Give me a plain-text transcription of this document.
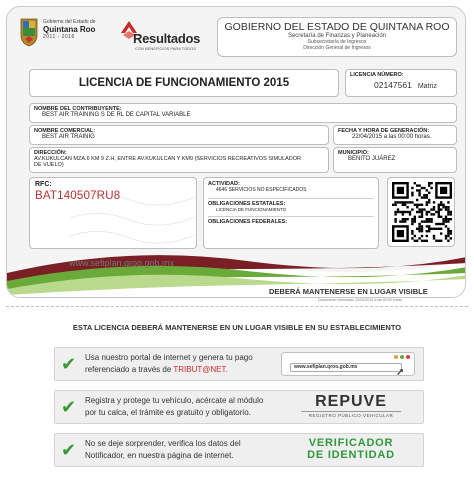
Gobierno del Estado de
Quintana Roo
2011 - 2016	Resultados
CON BENEFICIOS PARA TODOS
GOBIERNO DEL ESTADO DE QUINTANA ROO
Secretaría de Finanzas y Planeación
Subsecretaría de Ingresos
Dirección General de Ingresos
LICENCIA DE FUNCIONAMIENTO 2015
LICENCIA NÚMERO:
02147561 Matriz
NOMBRE DEL CONTRIBUYENTE:
BEST AIR TRAINING S DE RL DE CAPITAL VARIABLE
NOMBRE COMERCIAL:
BEST AIR TRAINIG
FECHA Y HORA DE GENERACIÓN:
22/04/2015 a las 00:00 horas.
DIRECCIÓN:
AV.KUKULCAN MZA.6 KM 9 Z.H, ENTRE AV.KUKULCAN Y KM9 (SERVICIOS RECREATIVOS SIMULADOR
DE VUELO)
MUNICIPIO:
BENITO JUÁREZ
RFC:
BAT140507RU8
ACTIVIDAD:
4646 SERVICIOS NO ESPECIFICADOS
OBLIGACIONES ESTATALES:
LICENCIA DE FUNCIONAMIENTO
OBLIGACIONES FEDERALES:
www.sefiplan.qroo.gob.mx
DEBERÁ MANTENERSE EN LUGAR VISIBLE
Documento Generado: 22/04/2015 a las 00:00 horas
ESTA LICENCIA DEBERÁ MANTENERSE EN UN LUGAR VISIBLE EN SU ESTABLECIMIENTO
✔ Usa nuestro portal de internet y genera tu pago
referenciado a través de TRIBUT@NET.	www.sefiplan.qroo.gob.mx	➚
✔ Registra y protege tu vehículo, acércate al módulo
por tu calca, el trámite es gratuito y obligatorio.
REPUVE
REGISTRO PÚBLICO VEHICULAR
✔ No se deje sorprender, verifica los datos del
Notificador, en nuestra página de internet.
VERIFICADOR
DE IDENTIDAD
